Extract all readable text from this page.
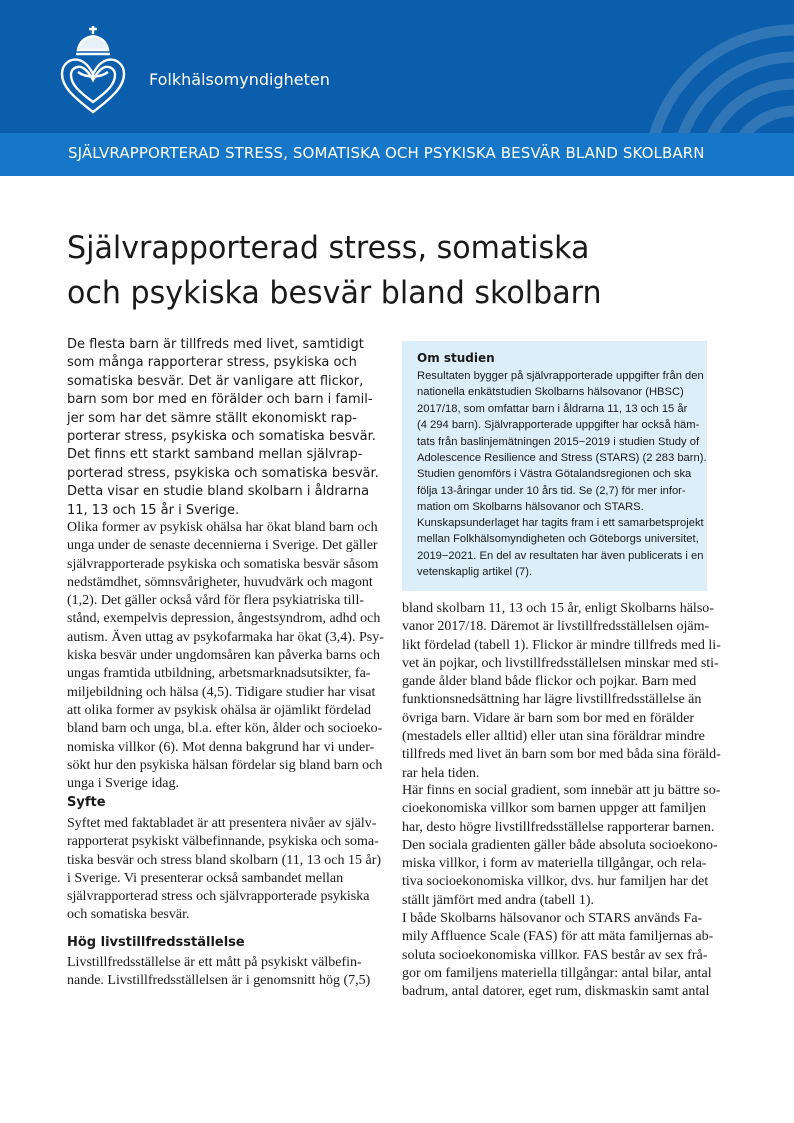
Folkhälsomyndigheten
SJÄLVRAPPORTERAD STRESS, SOMATISKA OCH PSYKISKA BESVÄR BLAND SKOLBARN
Självrapporterad stress, somatiska
och psykiska besvär bland skolbarn
De flesta barn är tillfreds med livet, samtidigt
som många rapporterar stress, psykiska och
somatiska besvär. Det är vanligare att flickor,
barn som bor med en förälder och barn i famil-
jer som har det sämre ställt ekonomiskt rap-
porterar stress, psykiska och somatiska besvär.
Det finns ett starkt samband mellan självrap-
porterad stress, psykiska och somatiska besvär.
Detta visar en studie bland skolbarn i åldrarna
11, 13 och 15 år i Sverige.
Olika former av psykisk ohälsa har ökat bland barn och
unga under de senaste decennierna i Sverige. Det gäller
självrapporterade psykiska och somatiska besvär såsom
nedstämdhet, sömnsvårigheter, huvudvärk och magont
(1,2). Det gäller också vård för flera psykiatriska till-
stånd, exempelvis depression, ångestsyndrom, adhd och
autism. Även uttag av psykofarmaka har ökat (3,4). Psy-
kiska besvär under ungdomsåren kan påverka barns och
ungas framtida utbildning, arbetsmarknadsutsikter, fa-
miljebildning och hälsa (4,5). Tidigare studier har visat
att olika former av psykisk ohälsa är ojämlikt fördelad
bland barn och unga, bl.a. efter kön, ålder och socioeko-
nomiska villkor (6). Mot denna bakgrund har vi under-
sökt hur den psykiska hälsan fördelar sig bland barn och
unga i Sverige idag.
Syfte
Syftet med faktabladet är att presentera nivåer av själv-
rapporterat psykiskt välbefinnande, psykiska och soma-
tiska besvär och stress bland skolbarn (11, 13 och 15 år)
i Sverige. Vi presenterar också sambandet mellan
självrapporterad stress och självrapporterade psykiska
och somatiska besvär.
Hög livstillfredsställelse
Livstillfredsställelse är ett mått på psykiskt välbefin-
nande. Livstillfredsställelsen är i genomsnitt hög (7,5)
Om studien
Resultaten bygger på självrapporterade uppgifter från den
nationella enkätstudien Skolbarns hälsovanor (HBSC)
2017/18, som omfattar barn i åldrarna 11, 13 och 15 år
(4 294 barn). Självrapporterade uppgifter har också häm-
tats från baslinjemätningen 2015−2019 i studien Study of
Adolescence Resilience and Stress (STARS) (2 283 barn).
Studien genomförs i Västra Götalandsregionen och ska
följa 13-åringar under 10 års tid. Se (2,7) för mer infor-
mation om Skolbarns hälsovanor och STARS.
Kunskapsunderlaget har tagits fram i ett samarbetsprojekt
mellan Folkhälsomyndigheten och Göteborgs universitet,
2019−2021. En del av resultaten har även publicerats i en
vetenskaplig artikel (7).
bland skolbarn 11, 13 och 15 år, enligt Skolbarns hälso-
vanor 2017/18. Däremot är livstillfredsställelsen ojäm-
likt fördelad (tabell 1). Flickor är mindre tillfreds med li-
vet än pojkar, och livstillfredsställelsen minskar med sti-
gande ålder bland både flickor och pojkar. Barn med
funktionsnedsättning har lägre livstillfredsställelse än
övriga barn. Vidare är barn som bor med en förälder
(mestadels eller alltid) eller utan sina föräldrar mindre
tillfreds med livet än barn som bor med båda sina föräld-
rar hela tiden.
Här finns en social gradient, som innebär att ju bättre so-
cioekonomiska villkor som barnen uppger att familjen
har, desto högre livstillfredsställelse rapporterar barnen.
Den sociala gradienten gäller både absoluta socioekono-
miska villkor, i form av materiella tillgångar, och rela-
tiva socioekonomiska villkor, dvs. hur familjen har det
ställt jämfört med andra (tabell 1).
I både Skolbarns hälsovanor och STARS används Fa-
mily Affluence Scale (FAS) för att mäta familjernas ab-
soluta socioekonomiska villkor. FAS består av sex frå-
gor om familjens materiella tillgångar: antal bilar, antal
badrum, antal datorer, eget rum, diskmaskin samt antal
